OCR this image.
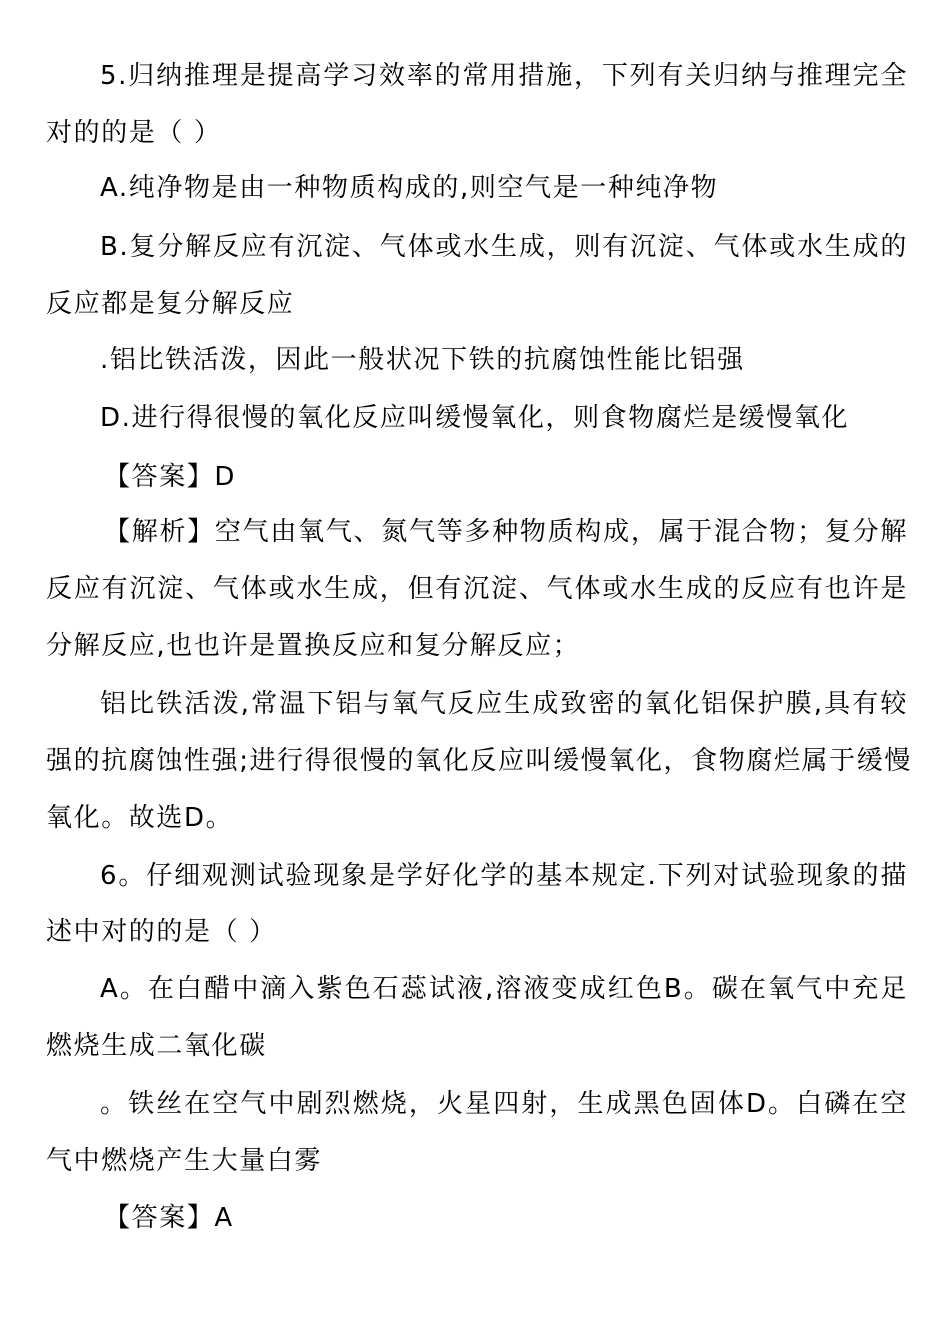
5.归纳推理是提高学习效率的常用措施，下列有关归纳与推理完全
对的的是（ ）
A.纯净物是由一种物质构成的,则空气是一种纯净物
B.复分解反应有沉淀、气体或水生成，则有沉淀、气体或水生成的
反应都是复分解反应
.铝比铁活泼，因此一般状况下铁的抗腐蚀性能比铝强
D.进行得很慢的氧化反应叫缓慢氧化，则食物腐烂是缓慢氧化
【答案】D
【解析】空气由氧气、氮气等多种物质构成，属于混合物；复分解
反应有沉淀、气体或水生成，但有沉淀、气体或水生成的反应有也许是
分解反应,也也许是置换反应和复分解反应；
铝比铁活泼,常温下铝与氧气反应生成致密的氧化铝保护膜,具有较
强的抗腐蚀性强;进行得很慢的氧化反应叫缓慢氧化，食物腐烂属于缓慢
氧化。故选D。
6。仔细观测试验现象是学好化学的基本规定.下列对试验现象的描
述中对的的是（ ）
A。在白醋中滴入紫色石蕊试液,溶液变成红色B。碳在氧气中充足
燃烧生成二氧化碳
。铁丝在空气中剧烈燃烧，火星四射，生成黑色固体D。白磷在空
气中燃烧产生大量白雾
【答案】A
